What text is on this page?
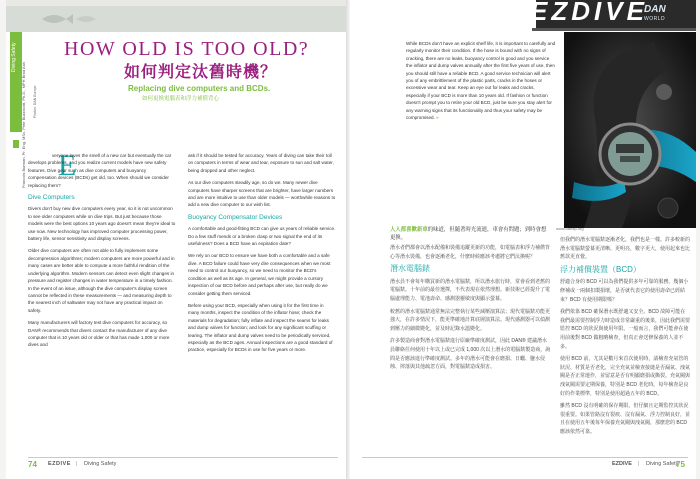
Diving Safety
Francois Burman, Pr. Eng. MSc, Pete Buzzacott, Ph.D., MPH Brad Ash Photos: DAN Europe
HOW OLD IS TOO OLD?
如何判定汰舊時機？
Replacing dive computers and BCDs.
如何更換電腦表和浮力補償背心
E

veryone loves the smell of a new car but eventually the car develops problems, and you realize current models have new safety features. Dive gear such as dive computers and buoyancy compensation devices (BCDs) get old, too. When should we consider replacing them?

Dive Computers

Divers don't buy new dive computers every year, so it is not uncommon to see older computers while on dive trips. But just because those models were the best options 10 years ago doesn't mean they're ideal to use now. New technology has improved computer processing power, battery life, sensor sensitivity and display screens.

Older dive computers are often not able to fully implement some decompression algorithms; modern computers are more powerful and in many cases are better able to compute a more faithful rendition of the underlying algorithm. Modern sensors can detect even slight changes in pressure and register changes in water temperature in a timely fashion. In the event of an issue, although the dive computer's display screen cannot be reflected in these measurements — and measuring depth to the nearest inch of saltwater may not have any practical impact on safety.

Many manufacturers will factory test dive computers for accuracy, so DAN® recommends that divers contact the manufacturer of any dive computer that is 10 years old or older or that has made 1,000 or more dives and

ask if it should be tested for accuracy. Years of diving can take their toll on computers in terms of wear and tear, exposure to sun and salt water, being dropped and other neglect.

As our dive computers steadily age, so do we. Many newer dive computers have sharper screens that are brighter, have larger numbers and are more intuitive to use than older models — worthwhile reasons to add a new dive computer to our wish list.

Buoyancy Compensator Devices

A comfortable and good-fitting BCD can give us years of reliable service. Do a few stuff mends or a broken clasp or two signal the end of its usefulness? Does a BCD have an expiration date?

We rely on our BCD to ensure we have both a comfortable and a safe dive. A BCD failure could have very dire consequences when we most need to control our buoyancy, so we need to monitor the BCD's condition as well as its age. In general, we might provide a cursory inspection of our BCD before and perhaps after use, but really do we consider getting them serviced.

Before using your BCD, especially when using it for the first time in many months, inspect the condition of the inflator hose; check the materials for degradation; fully inflate and inspect the seams for leaks and dump valves for function; and look for any significant scuffing or tearing. The inflator and dump valves need to be periodically serviced, especially as the BCD ages. Annual inspections are a good standard of practice, especially for BCDs in use for five years or more.

74 EZDIVE | Diving Safety
EZDIVE
DAN
WORLD
While BCDs don't have an explicit shelf life, it is important to carefully and regularly monitor their condition. If the hose is bound with no signs of cracking, there are no leaks, buoyancy control is good and you service the inflator and dump valves annually after the first five years of use, then you should still have a reliable BCD. A good service technician will alert you of any embrittlement of the plastic parts, cracks in the hoses or excessive wear and tear. Keep an eye out for leaks and cracks, especially if your BCD is more than 10 years old. If fashion or function doesn't prompt you to retire your old BCD, just be sure you stay alert for any warning signs that its functionality and thus your safety may be compromised. »
www.danap.org
人人都喜歡新車的味道，但隨著時光流逝，車會有問題；到時會想更換。

潛水者們都會以潛水配備和裝備追蹤更新的功能，如電腦表和浮力補償背心等潛水裝備，也會逐漸老化，什麼時候應該考慮將它們汰換呢？

潛水電腦錶

潛水員不會每年購買新的潛水電腦錶，所以潛水旅行時，常會看到老舊的電腦錶。十年前的最佳選擇，不代表現在依然理想。新技術已經提升了電腦處理能力、電池壽命、感測器靈敏度與顯示螢幕。

較舊的潛水電腦錶通常無法完整執行某些減壓演算法；現代電腦錶功能更強大，在許多情況下，能更準確地計算底層演算法。現代感測器可以偵測到壓力的細微變化，並及時記錄水溫變化。

許多製造商會對潛水電腦錶進行原廠準確度測試，因此 DAN® 建議潛水員聯絡任何使用十年以上或已完成 1,000 次以上潛水的電腦錶製造商，詢問是否應該進行準確度測試。多年的潛水可能會在磨損、日曬、鹽水侵蝕、摔落與其他疏忽方面，對電腦錶造成損害。

但我們的潛水電腦錶逐漸老化，我們也是一樣。許多較新的潛水電腦錶螢幕更清晰、更明亮，數字更大，使用起來也比舊款更直覺。

浮力補償裝置（BCD）

舒適合身的 BCD 可以為我們提供多年可靠的服務。幾個小修補或一兩個扣環損壞，是否就代表它的使用壽命已經結束？BCD 有使用期限嗎？

我們依靠 BCD 確保潛水既舒適又安全。BCD 故障可能在我們最需要控制浮力時造成非常嚴重的後果，因此我們需要監控 BCD 的狀況與使用年限。一般而言，我們可能會在使用前後對 BCD 做粗略檢查，但真正會送修保養的人並不多。

使用 BCD 前，尤其是數月來首次使用時，請檢查充氣管的狀況、材質是否老化，完全充氣並檢查接縫是否漏氣、洩氣閥是否正常運作，並留意是否有明顯磨損或撕裂。充氣閥與洩氣閥需要定期保養，特別是 BCD 老化時。每年檢查是良好的作業標準，特別是使用超過五年的 BCD。

雖然 BCD 沒有明確的保存期限，但仔細且定期監控其狀況很重要。如果管路沒有裂痕、沒有漏氣、浮力控制良好，並且在使用五年後每年保養充氣閥與洩氣閥，那麼您的 BCD 應該依然可靠。

EZDIVE | Diving Safety
75
